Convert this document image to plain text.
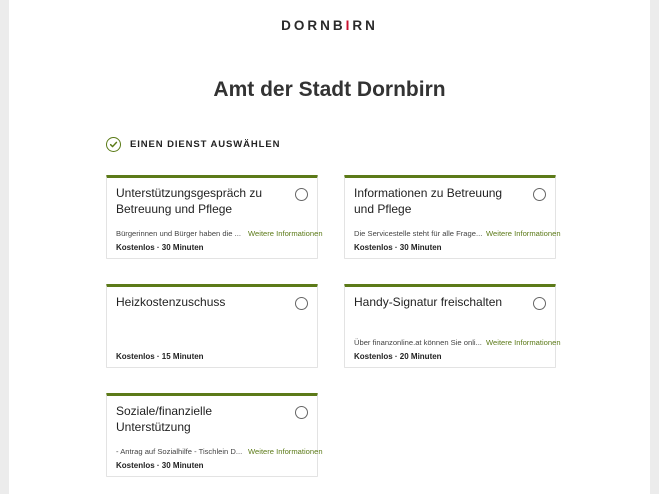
DORNBIRN
Amt der Stadt Dornbirn
EINEN DIENST AUSWÄHLEN
Unterstützungsgespräch zu Betreuung und Pflege
Bürgerinnen und Bürger haben die ... Weitere Informationen
Kostenlos · 30 Minuten
Informationen zu Betreuung und Pflege
Die Servicestelle steht für alle Frage... Weitere Informationen
Kostenlos · 30 Minuten
Heizkostenzuschuss
Kostenlos · 15 Minuten
Handy-Signatur freischalten
Über finanzonline.at können Sie onli... Weitere Informationen
Kostenlos · 20 Minuten
Soziale/finanzielle Unterstützung
- Antrag auf Sozialhilfe - Tischlein D... Weitere Informationen
Kostenlos · 30 Minuten
